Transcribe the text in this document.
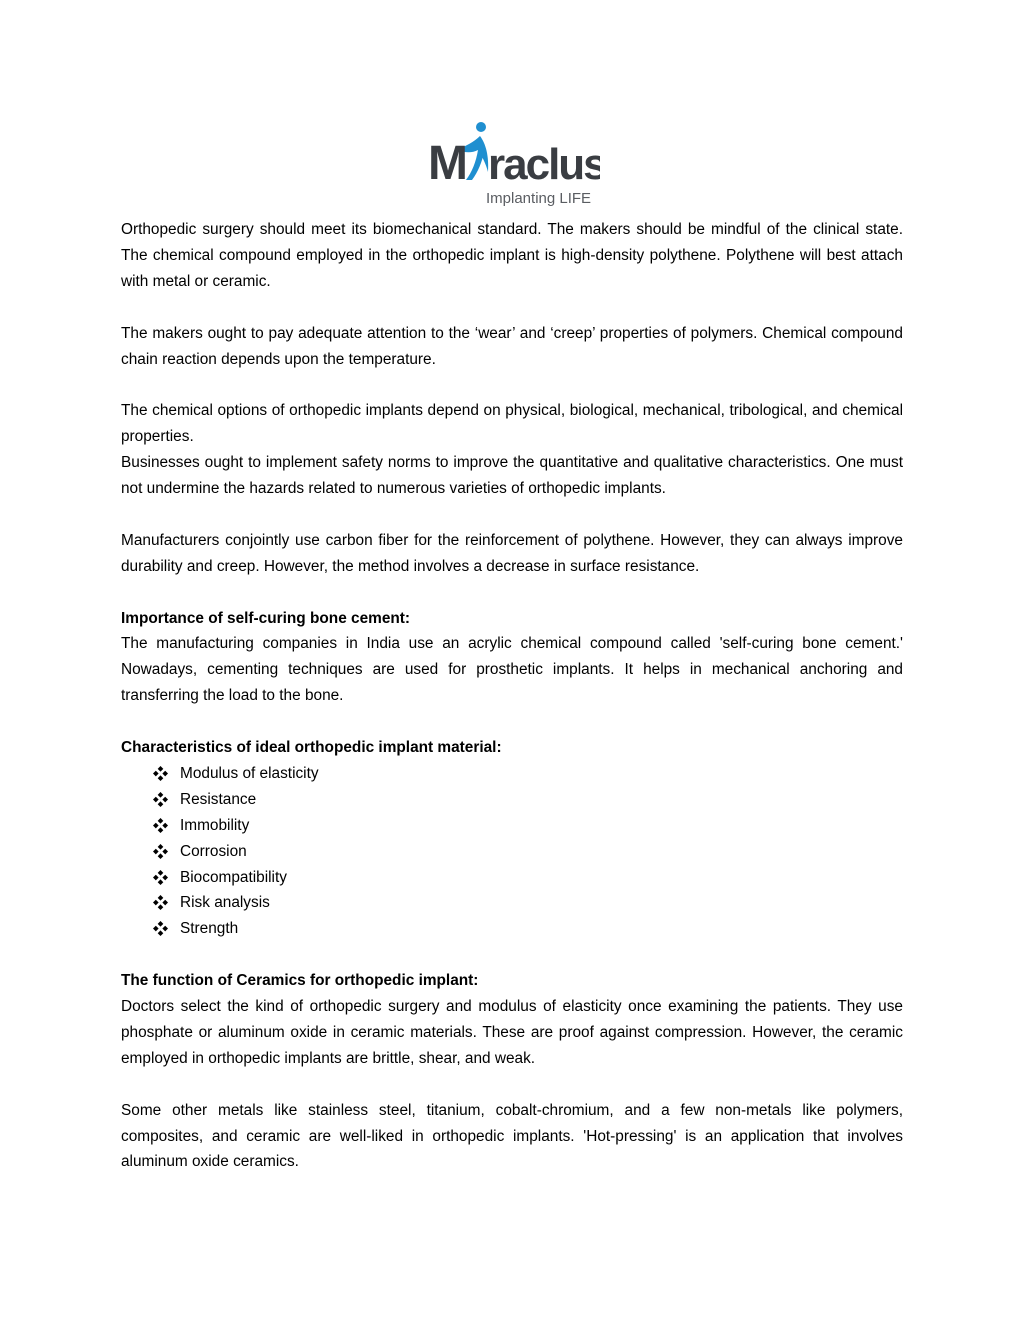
M raclus
Implanting LIFE

Orthopedic surgery should meet its biomechanical standard. The makers should be mindful of the clinical state. The chemical compound employed in the orthopedic implant is high-density polythene. Polythene will best attach with metal or ceramic.

The makers ought to pay adequate attention to the ‘wear’ and ‘creep’ properties of polymers. Chemical compound chain reaction depends upon the temperature.

The chemical options of orthopedic implants depend on physical, biological, mechanical, tribological, and chemical properties.

Businesses ought to implement safety norms to improve the quantitative and qualitative characteristics. One must not undermine the hazards related to numerous varieties of orthopedic implants.

Manufacturers conjointly use carbon fiber for the reinforcement of polythene. However, they can always improve durability and creep. However, the method involves a decrease in surface resistance.

Importance of self-curing bone cement:

The manufacturing companies in India use an acrylic chemical compound called 'self-curing bone cement.' Nowadays, cementing techniques are used for prosthetic implants. It helps in mechanical anchoring and transferring the load to the bone.

Characteristics of ideal orthopedic implant material:

Modulus of elasticity
Resistance
Immobility
Corrosion
Biocompatibility
Risk analysis
Strength

The function of Ceramics for orthopedic implant:

Doctors select the kind of orthopedic surgery and modulus of elasticity once examining the patients. They use phosphate or aluminum oxide in ceramic materials. These are proof against compression. However, the ceramic employed in orthopedic implants are brittle, shear, and weak.

Some other metals like stainless steel, titanium, cobalt-chromium, and a few non-metals like polymers, composites, and ceramic are well-liked in orthopedic implants. 'Hot-pressing' is an application that involves aluminum oxide ceramics.
